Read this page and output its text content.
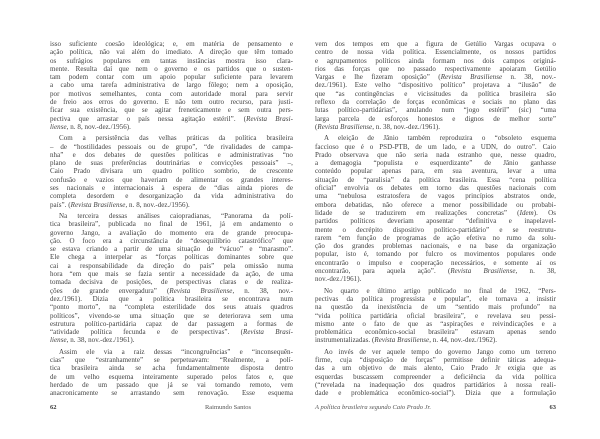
isso suficiente coesão ideológica; e, em matéria de pensamento e
ação política, não vai além do imediato. A direção que têm tomado
os sufrágios populares em tantas instâncias mostra isso clara-
mente. Resulta daí que nem o governo e os partidos que o susten-
tam podem contar com um apoio popular suficiente para levarem
a cabo uma tarefa administrativa de largo fôlego; nem a oposição,
por motivos semelhantes, conta com autoridade moral para servir
de freio aos erros do governo. E não tem outro recurso, para justi-
ficar sua existência, que se agitar freneticamente e sem outra pers-
pectiva que arrastar o país nessa agitação estéril”. (Revista Brasi-
liense, n. 8, nov.-dez./1956).
Com a persistência das velhas práticas da política brasileira
– de “hostilidades pessoais ou de grupo”, “de rivalidades de campa-
nha” e dos debates de questões políticas e administrativas “no
plano de suas preferências doutrinárias e convicções pessoais” –,
Caio Prado divisara um quadro político sombrio, de crescente
confusão e vazios que haveriam de alimentar os grandes interes-
ses nacionais e internacionais à espera de “dias ainda piores de
completa desordem e desorganização da vida administrativa do
país”. (Revista Brasiliense, n. 8, nov.-dez./1956).
Na terceira dessas análises caiopradianas, “Panorama da polí-
tica brasileira”, publicada no final de 1961, já em andamento o
governo Jango, a avaliação do momento era de grande preocupa-
ção. O foco era a circunstância de “desequilíbrio catastrófico” que
se estava criando a partir de uma situação de “vácuo” e “marasmo”.
Ele chega a interpelar as “forças políticas dominantes sobre que
cai a responsabilidade da direção do país” pela omissão numa
hora “em que mais se fazia sentir a necessidade da ação, de uma
tomada decisiva de posições, de perspectivas claras e de realiza-
ções de grande envergadura” (Revista Brasiliense, n. 38, nov.-
dez./1961). Dizia que a política brasileira se encontrava num
“ponto morto”, na “completa esterilidade dos seus atuais quadros
políticos”, vivendo-se uma situação que se deteriorava sem uma
estrutura político-partidária capaz de dar passagem a formas de
“atividade política fecunda e de perspectivas”. (Revista Brasi-
liense, n. 38, nov.-dez./1961).
Assim ele via a raiz dessas “incongruências” e “inconsequên-
cias” que “estranhamente” se perpetuavam: “Realmente, a polí-
tica brasileira ainda se acha fundamentalmente disposta dentro
de um velho esquema inteiramente superado pelos fatos e, que
herdado de um passado que já se vai tornando remoto, vem
anacronicamente se arrastando sem renovação. Esse esquema
vem dos tempos em que a figura de Getúlio Vargas ocupava o
centro de nossa vida política. Essencialmente, os nossos partidos
e agrupamentos políticos ainda formam nos dois campos originá-
rios das forças que no passado respectivamente apoiaram Getúlio
Vargas e lhe fizeram oposição” (Revista Brasiliense n. 38, nov.-
dez./1961). Este velho “dispositivo político” projetava a “ilusão” de
que “as contingências e vicissitudes da política brasileira são
reflexo da correlação de forças econômicas e sociais no plano das
lutas político-partidárias”, anulando num “jogo estéril” (sic) “uma
larga parcela de esforços honestos e dignos de melhor sorte”
(Revista Brasiliense, n. 38, nov.-dez./1961).
A eleição de Jânio também reproduzira o “obsoleto esquema
faccioso que é o PSD-PTB, de um lado, e a UDN, do outro”. Caio
Prado observava que não seria nada estranho que, nesse quadro,
a demagogia “populista e esquerdizante” de Jânio ganhasse
conteúdo popular apenas para, em sua aventura, levar a uma
situação de “paralisia” da política brasileira. Essa “cena política
oficial” envolvia os debates em torno das questões nacionais com
uma “nebulosa estratosfera de vagos princípios abstratos onde,
embora debatidas, não oferece a menor possibilidade ou probabi-
lidade de se traduzirem em realizações concretas” (Idem). Os
partidos políticos deveriam aposentar “definitiva e inapelavel-
mente o decrépito dispositivo político-partidário” e se reestrutu-
rarem “em função de programas de ação efetiva no rumo da solu-
ção dos grandes problemas nacionais, e na base da organização
popular, isto é, tomando por fulcro os movimentos populares onde
encontrarão o impulso e cooperação necessários, e somente aí os
encontrarão, para aquela ação”. (Revista Brasiliense, n. 38,
nov.-dez./1961).
No quarto e último artigo publicado no final de 1962, “Pers-
pectivas da política progressista e popular”, ele tornava a insistir
na questão da inexistência de um “sentido mais profundo” na
“vida política partidária oficial brasileira”, e revelava seu pessi-
mismo ante o fato de que as “aspirações e reivindicações e a
problemática econômico-social brasileira” estavam apenas sendo
instrumentalizadas. (Revista Brasiliense, n. 44, nov.-dez./1962).
Ao invés de ver aquele tempo do governo Jango como um terreno
firme, cuja “disposição de forças” permitisse definir táticas adequa-
das a um objetivo de mais alento, Caio Prado Jr exigia que as
esquerdas buscassem compreender a deficiência da vida política
(“revelada na inadequação dos quadros partidários à nossa reali-
dade e problemática econômico-social”). Dizia que a formulação
62	Raimundo Santos	A política brasileira segundo Caio Prado Jr.	63
